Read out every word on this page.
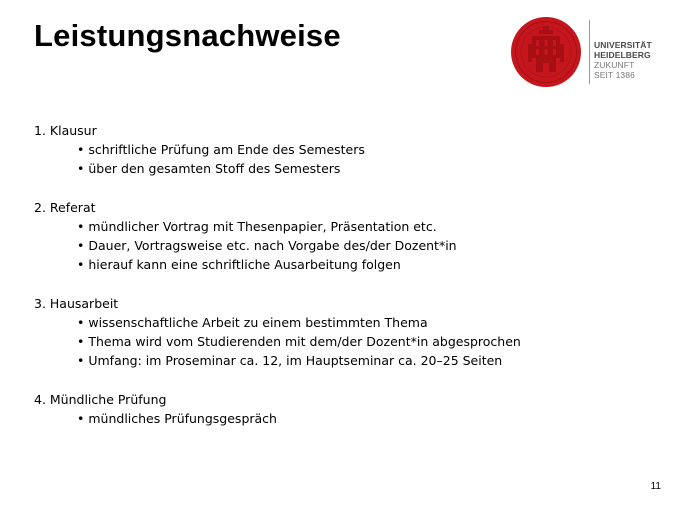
Leistungsnachweise	UNIVERSITÄT
HEIDELBERG
ZUKUNFT
SEIT 1386
1. Klausur
• schriftliche Prüfung am Ende des Semesters
• über den gesamten Stoff des Semesters
2. Referat
• mündlicher Vortrag mit Thesenpapier, Präsentation etc.
• Dauer, Vortragsweise etc. nach Vorgabe des/der Dozent*in
• hierauf kann eine schriftliche Ausarbeitung folgen
3. Hausarbeit
• wissenschaftliche Arbeit zu einem bestimmten Thema
• Thema wird vom Studierenden mit dem/der Dozent*in abgesprochen
• Umfang: im Proseminar ca. 12, im Hauptseminar ca. 20–25 Seiten
4. Mündliche Prüfung
• mündliches Prüfungsgespräch
11
